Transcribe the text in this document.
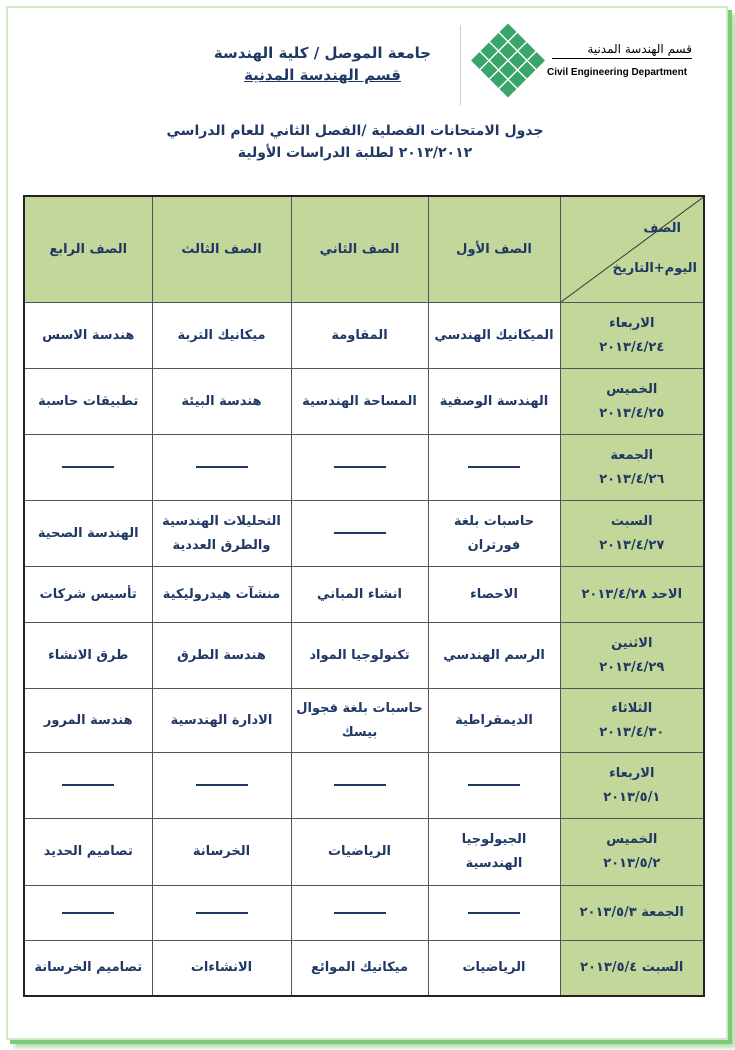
جامعة الموصل / كلية الهندسة
قسم الهندسة المدنية
قسم الهندسة المدنية
Civil Engineering Department
جدول الامتحانات الفصلية /الفصل الثاني للعام الدراسي
٢٠١٣/٢٠١٢ لطلبة الدراسات الأولية
الصف
اليوم+التاريخ	الصف الأول	الصف الثاني	الصف الثالث	الصف الرابع
الاربعاء
٢٠١٣/٤/٢٤	الميكانيك الهندسي	المقاومة	ميكانيك التربة	هندسة الاسس
الخميس
٢٠١٣/٤/٢٥	الهندسة الوصفية	المساحة الهندسية	هندسة البيئة	تطبيقات حاسبة
الجمعة
٢٠١٣/٤/٢٦				
السبت
٢٠١٣/٤/٢٧	حاسبات بلغة فورتران		التحليلات الهندسية والطرق العددية	الهندسة الصحية
الاحد ٢٠١٣/٤/٢٨	الاحصاء	انشاء المباني	منشآت هيدروليكية	تأسيس شركات
الاثنين
٢٠١٣/٤/٢٩	الرسم الهندسي	تكنولوجيا المواد	هندسة الطرق	طرق الانشاء
الثلاثاء
٢٠١٣/٤/٣٠	الديمقراطية	حاسبات بلغة فجوال بيسك	الادارة الهندسية	هندسة المرور
الاربعاء
٢٠١٣/٥/١				
الخميس
٢٠١٣/٥/٢	الجيولوجيا الهندسية	الرياضيات	الخرسانة	تصاميم الحديد
الجمعة ٢٠١٣/٥/٣				
السبت ٢٠١٣/٥/٤	الرياضيات	ميكانيك الموائع	الانشاءات	تصاميم الخرسانة
